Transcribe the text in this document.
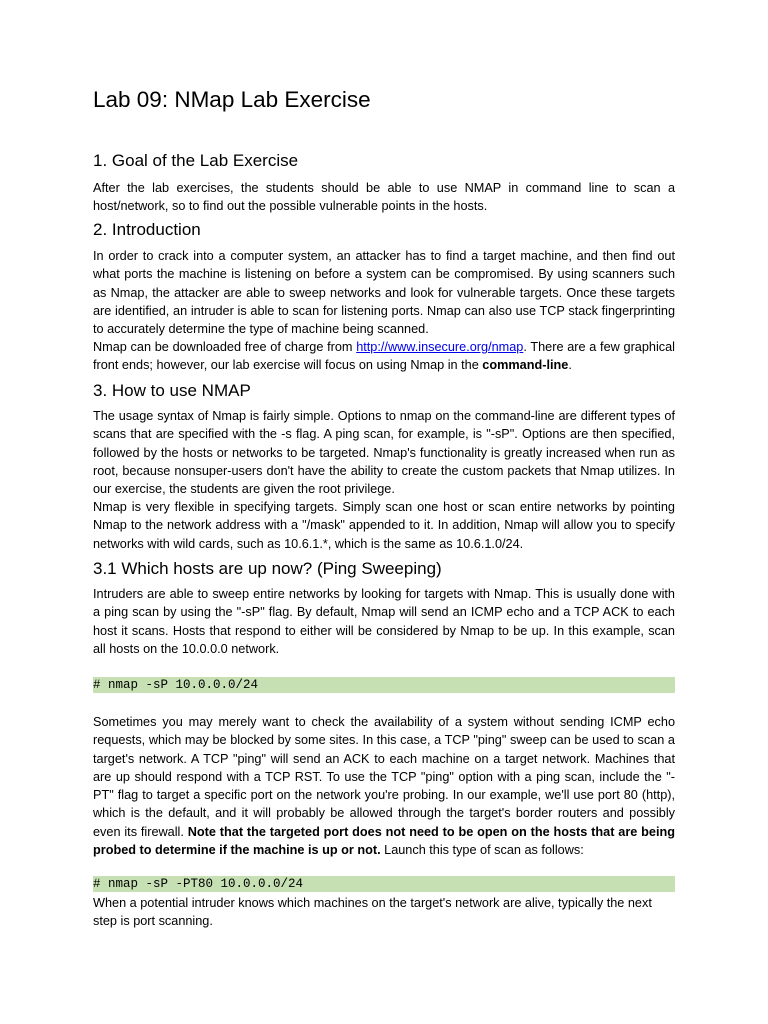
Lab 09: NMap Lab Exercise
1. Goal of the Lab Exercise

After the lab exercises, the students should be able to use NMAP in command line to scan a host/network, so to find out the possible vulnerable points in the hosts.

2. Introduction

In order to crack into a computer system, an attacker has to find a target machine, and then find out what ports the machine is listening on before a system can be compromised. By using scanners such as Nmap, the attacker are able to sweep networks and look for vulnerable targets. Once these targets are identified, an intruder is able to scan for listening ports. Nmap can also use TCP stack fingerprinting to accurately determine the type of machine being scanned.

Nmap can be downloaded free of charge from http://www.insecure.org/nmap. There are a few graphical front ends; however, our lab exercise will focus on using Nmap in the command-line.

3. How to use NMAP

The usage syntax of Nmap is fairly simple. Options to nmap on the command-line are different types of scans that are specified with the -s flag. A ping scan, for example, is "-sP". Options are then specified, followed by the hosts or networks to be targeted. Nmap's functionality is greatly increased when run as root, because nonsuper-users don't have the ability to create the custom packets that Nmap utilizes. In our exercise, the students are given the root privilege.

Nmap is very flexible in specifying targets. Simply scan one host or scan entire networks by pointing Nmap to the network address with a "/mask" appended to it. In addition, Nmap will allow you to specify networks with wild cards, such as 10.6.1.*, which is the same as 10.6.1.0/24.

3.1 Which hosts are up now? (Ping Sweeping)

Intruders are able to sweep entire networks by looking for targets with Nmap. This is usually done with a ping scan by using the "-sP" flag. By default, Nmap will send an ICMP echo and a TCP ACK to each host it scans. Hosts that respond to either will be considered by Nmap to be up. In this example, scan all hosts on the 10.0.0.0 network.

# nmap -sP 10.0.0.0/24

Sometimes you may merely want to check the availability of a system without sending ICMP echo requests, which may be blocked by some sites. In this case, a TCP "ping" sweep can be used to scan a target's network. A TCP "ping" will send an ACK to each machine on a target network. Machines that are up should respond with a TCP RST. To use the TCP "ping" option with a ping scan, include the "-PT" flag to target a specific port on the network you're probing. In our example, we'll use port 80 (http), which is the default, and it will probably be allowed through the target's border routers and possibly even its firewall. Note that the targeted port does not need to be open on the hosts that are being probed to determine if the machine is up or not. Launch this type of scan as follows:

# nmap -sP -PT80 10.0.0.0/24

When a potential intruder knows which machines on the target's network are alive, typically the next step is port scanning.
